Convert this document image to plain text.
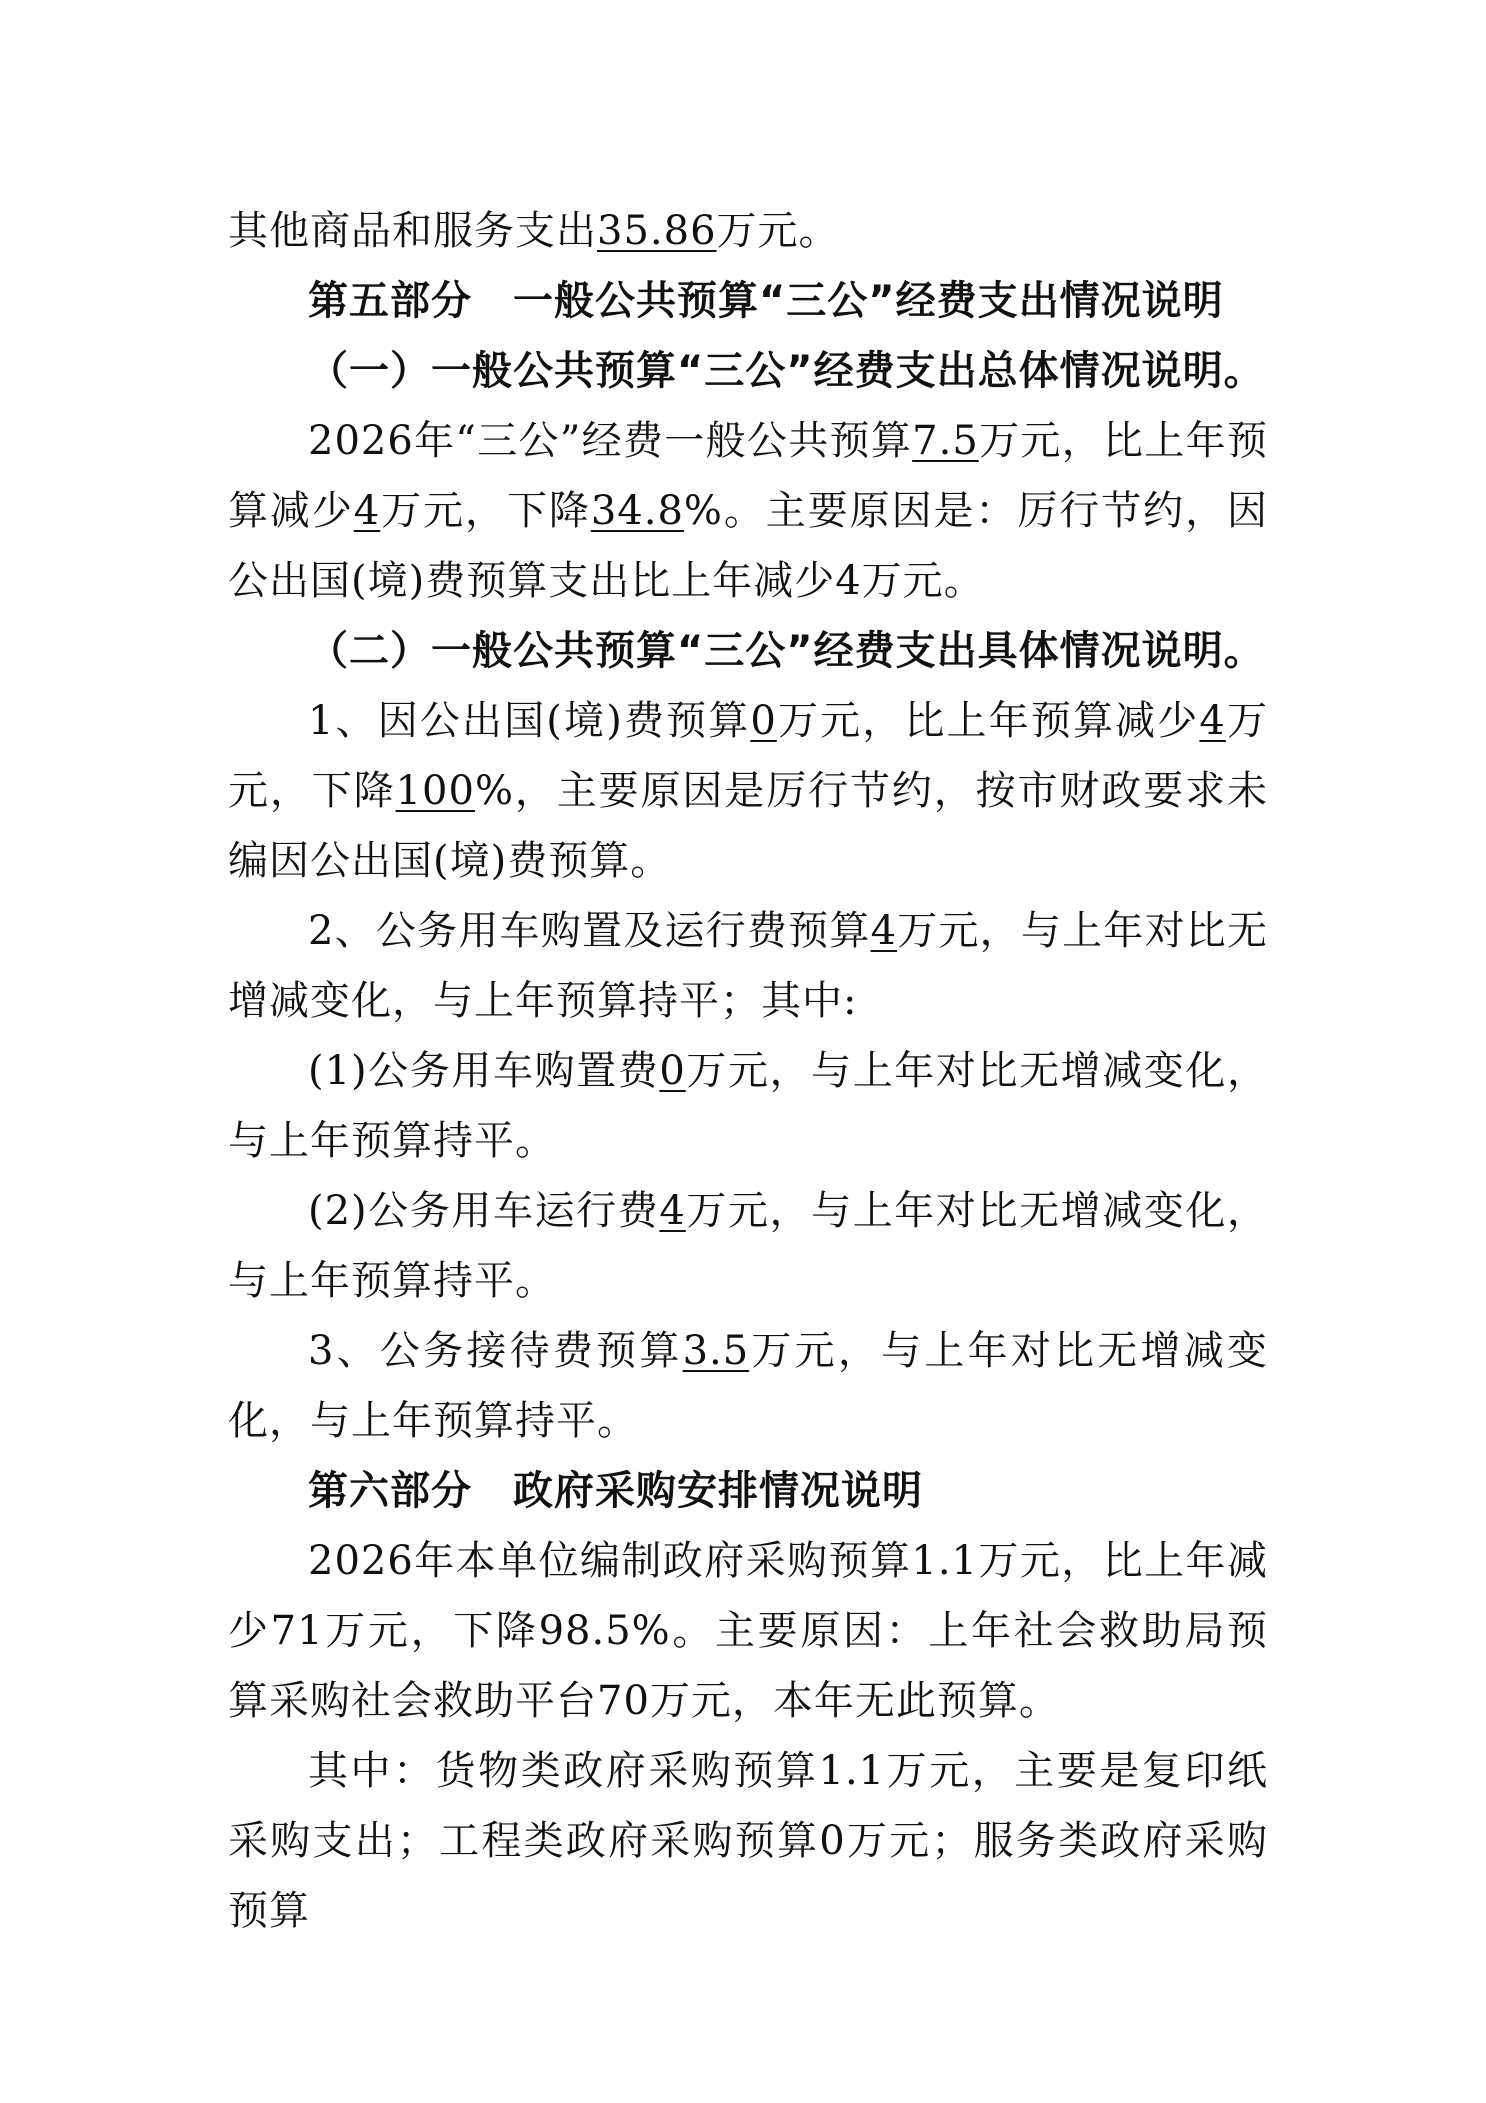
其他商品和服务支出35.86万元。

第五部分　一般公共预算“三公”经费支出情况说明

（一）一般公共预算“三公”经费支出总体情况说明。

2026年“三公”经费一般公共预算7.5万元，比上年预算减少4万元，下降34.8%。主要原因是：厉行节约，因公出国(境)费预算支出比上年减少4万元。

（二）一般公共预算“三公”经费支出具体情况说明。

1、因公出国(境)费预算0万元，比上年预算减少4万元，下降100%，主要原因是厉行节约，按市财政要求未编因公出国(境)费预算。

2、公务用车购置及运行费预算4万元，与上年对比无增减变化，与上年预算持平；其中:

(1)公务用车购置费0万元，与上年对比无增减变化，与上年预算持平。

(2)公务用车运行费4万元，与上年对比无增减变化，与上年预算持平。

3、公务接待费预算3.5万元，与上年对比无增减变化，与上年预算持平。

第六部分　政府采购安排情况说明

2026年本单位编制政府采购预算1.1万元，比上年减少71万元，下降98.5%。主要原因：上年社会救助局预算采购社会救助平台70万元，本年无此预算。

其中：货物类政府采购预算1.1万元，主要是复印纸采购支出；工程类政府采购预算0万元；服务类政府采购预算
